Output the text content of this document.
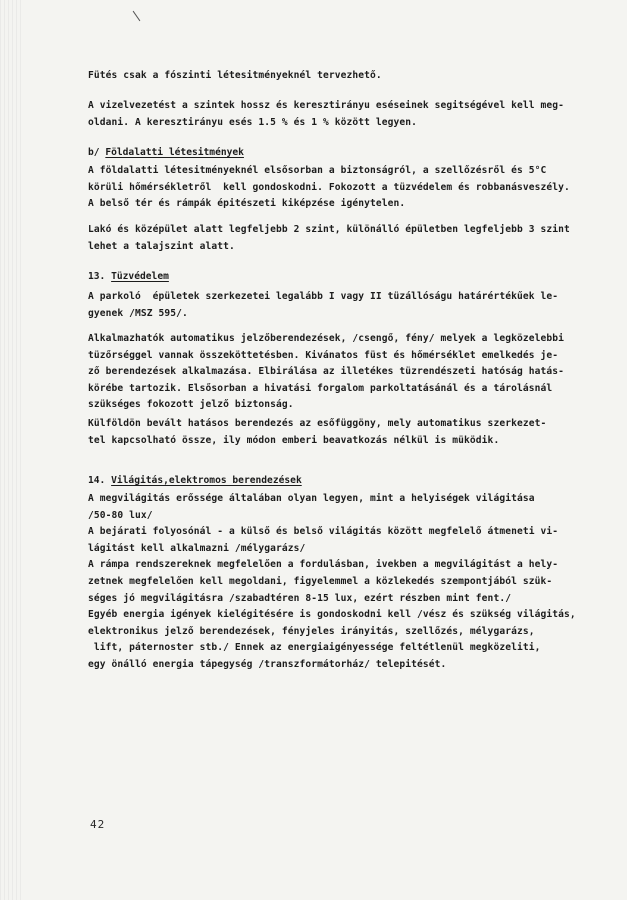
Fütés csak a fószinti létesitményeknél tervezhető.
A vizelvezetést a szintek hossz és keresztirányu eséseinek segitségével kell meg-
oldani. A keresztirányu esés 1.5 % és 1 % között legyen.
b/ Földalatti létesitmények
A földalatti létesitményeknél elsősorban a biztonságról, a szellőzésről és 5°C
körüli hőmérsékletről  kell gondoskodni. Fokozott a tüzvédelem és robbanásveszély.
A belső tér és rámpák épitészeti kiképzése igénytelen.
Lakó és középület alatt legfeljebb 2 szint, különálló épületben legfeljebb 3 szint
lehet a talajszint alatt.
13. Tüzvédelem
A parkoló  épületek szerkezetei legalább I vagy II tüzállóságu határértékűek le-
gyenek /MSZ 595/.
Alkalmazhatók automatikus jelzőberendezések, /csengő, fény/ melyek a legközelebbi
tüzőrséggel vannak összeköttetésben. Kivánatos füst és hőmérséklet emelkedés je-
ző berendezések alkalmazása. Elbirálása az illetékes tüzrendészeti hatóság hatás-
körébe tartozik. Elsősorban a hivatási forgalom parkoltatásánál és a tárolásnál
szükséges fokozott jelző biztonság.
Külföldön bevált hatásos berendezés az esőfüggöny, mely automatikus szerkezet-
tel kapcsolható össze, ily módon emberi beavatkozás nélkül is müködik.
14. Világitás,elektromos berendezések
A megvilágitás erőssége általában olyan legyen, mint a helyiségek világitása
/50-80 lux/
A bejárati folyosónál - a külső és belső világitás között megfelelő átmeneti vi-
lágitást kell alkalmazni /mélygarázs/
A rámpa rendszereknek megfelelően a fordulásban, ivekben a megvilágitást a hely-
zetnek megfelelően kell megoldani, figyelemmel a közlekedés szempontjából szük-
séges jó megvilágitásra /szabadtéren 8-15 lux, ezért részben mint fent./
Egyéb energia igények kielégitésére is gondoskodni kell /vész és szükség világitás,
elektronikus jelző berendezések, fényjeles irányitás, szellőzés, mélygarázs,
lift, páternoster stb./ Ennek az energiaigényessége feltétlenül megközeliti,
egy önálló energia tápegység /transzformátorház/ telepitését.
42
